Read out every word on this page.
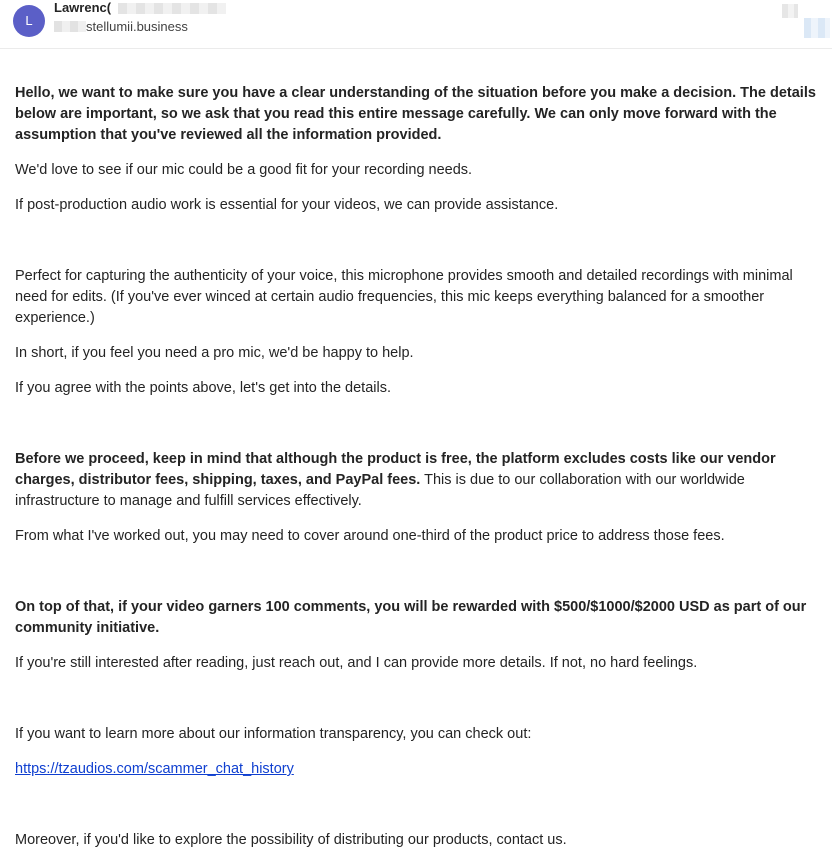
L
Lawrenc(
stellumii.business

Hello, we want to make sure you have a clear understanding of the situation before you make a decision. The details below are important, so we ask that you read this entire message carefully. We can only move forward with the assumption that you've reviewed all the information provided.

We'd love to see if our mic could be a good fit for your recording needs.

If post-production audio work is essential for your videos, we can provide assistance.

Perfect for capturing the authenticity of your voice, this microphone provides smooth and detailed recordings with minimal need for edits. (If you've ever winced at certain audio frequencies, this mic keeps everything balanced for a smoother experience.)

In short, if you feel you need a pro mic, we'd be happy to help.

If you agree with the points above, let's get into the details.

Before we proceed, keep in mind that although the product is free, the platform excludes costs like our vendor charges, distributor fees, shipping, taxes, and PayPal fees. This is due to our collaboration with our worldwide infrastructure to manage and fulfill services effectively.

From what I've worked out, you may need to cover around one-third of the product price to address those fees.

On top of that, if your video garners 100 comments, you will be rewarded with $500/$1000/$2000 USD as part of our community initiative.

If you're still interested after reading, just reach out, and I can provide more details. If not, no hard feelings.

If you want to learn more about our information transparency, you can check out:

https://tzaudios.com/scammer_chat_history

Moreover, if you'd like to explore the possibility of distributing our products, contact us.
